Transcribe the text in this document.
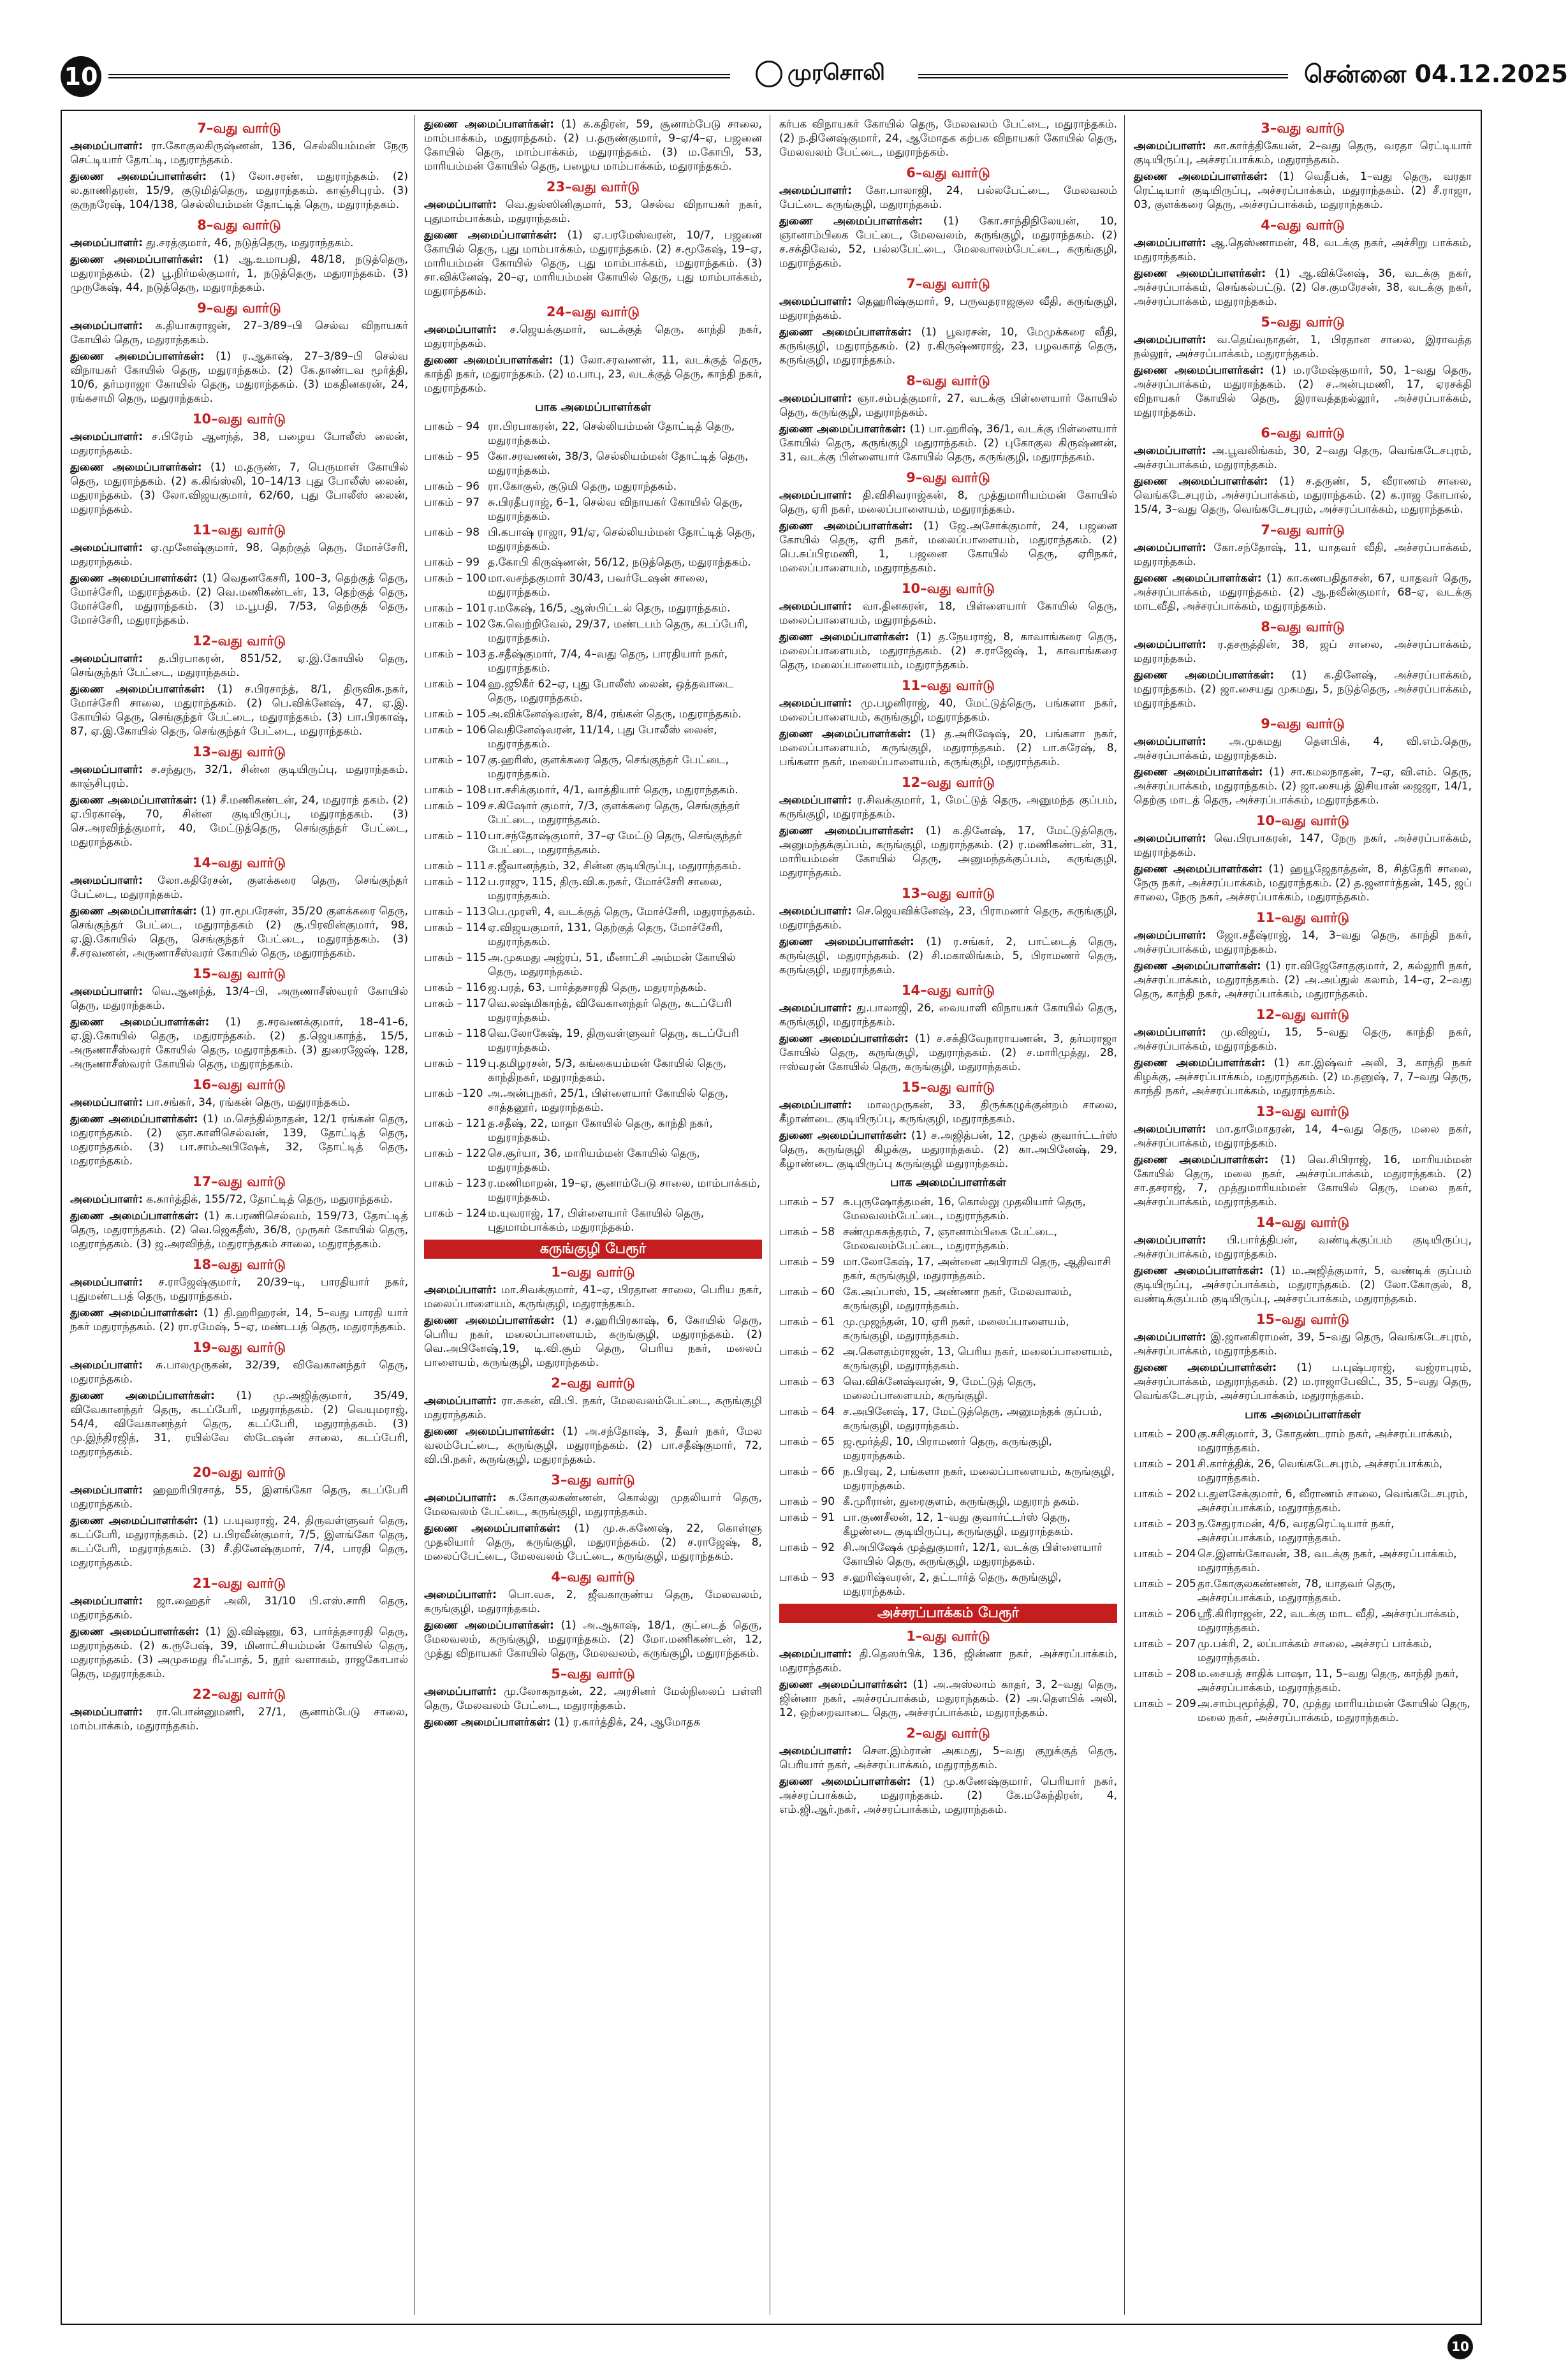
10	முரசொலி	சென்னை 04.12.2025
7–வது வார்டு
அமைப்பாளர்: ரா.கோகுலகிருஷ்ணன், 136, செல்லியம்மன் நேரு செட்டியார் தோட்டி, மதுராந்தகம்.
துணை அமைப்பாளர்கள்: (1) லோ.சரண், மதுராந்தகம். (2) ல.தாணிதரன், 15/9, குடுமித்தெரு, மதுராந்தகம். காஞ்சிபுரம். (3) குருநரேஷ், 104/138, செல்லியம்மன் தோட்டித் தெரு, மதுராந்தகம்.
8–வது வார்டு
அமைப்பாளர்: து.சரத்குமார், 46, நடுத்தெரு, மதுராந்தகம்.
துணை அமைப்பாளர்கள்: (1) ஆ.உமாபதி, 48/18, நடுத்தெரு, மதுராந்தகம். (2) பூ.நிர்மல்குமார், 1, நடுத்தெரு, மதுராந்தகம். (3) முருகேஷ், 44, நடுத்தெரு, மதுராந்தகம்.
9–வது வார்டு
அமைப்பாளர்: க.தியாகராஜன், 27–3/89–பி செல்வ விநாயகர் கோயில் தெரு, மதுராந்தகம்.
துணை அமைப்பாளர்கள்: (1) ர.ஆகாஷ், 27–3/89–பி செல்வ விநாயகர் கோயில் தெரு, மதுராந்தகம். (2) கே.தாண்டவ மூர்த்தி, 10/6, தர்மராஜா கோயில் தெரு, மதுராந்தகம். (3) மகதினகரன், 24, ரங்கசாமி தெரு, மதுராந்தகம்.
10–வது வார்டு
அமைப்பாளர்: ச.பிரேம் ஆனந்த், 38, பழைய போலீஸ் லைன், மதுராந்தகம்.
துணை அமைப்பாளர்கள்: (1) ம.தருண், 7, பெருமாள் கோயில் தெரு, மதுராந்தகம். (2) க.கிங்ஸ்லி, 10–14/13 புது போலீஸ் லைன், மதுராந்தகம். (3) லோ.விஜயகுமார், 62/60, புது போலீஸ் லைன், மதுராந்தகம்.
11–வது வார்டு
அமைப்பாளர்: ஏ.முனேஷ்குமார், 98, தெற்குத் தெரு, மோச்சேரி, மதுராந்தகம்.
துணை அமைப்பாளர்கள்: (1) வெதனகேசரி, 100–3, தெற்குத் தெரு, மோச்சேரி, மதுராந்தகம். (2) வெ.மணிகண்டன், 13, தெற்குத் தெரு, மோச்சேரி, மதுராந்தகம். (3) ம.பூபதி, 7/53, தெற்குத் தெரு, மோச்சேரி, மதுராந்தகம்.
12–வது வார்டு
அமைப்பாளர்: த.பிரபாகரன், 851/52, ஏ.இ.கோயில் தெரு, செங்குந்தர் பேட்டை, மதுராந்தகம்.
துணை அமைப்பாளர்கள்: (1) ச.பிரசாந்த், 8/1, திருவிக.நகர், மோச்சேரி சாலை, மதுராந்தகம். (2) பெ.விக்னேஷ், 47, ஏ.இ. கோயில் தெரு, செங்குந்தர் பேட்டை, மதுராந்தகம். (3) பா.பிரகாஷ், 87, ஏ.இ.கோயில் தெரு, செங்குந்தர் பேட்டை, மதுராந்தகம்.
13–வது வார்டு
அமைப்பாளர்: ச.சந்துரு, 32/1, சின்ன குடியிருப்பு, மதுராந்தகம். காஞ்சிபுரம்.
துணை அமைப்பாளர்கள்: (1) சீ.மணிகண்டன், 24, மதுராந் தகம். (2) ஏ.பிரகாஷ், 70, சின்ன குடியிருப்பு, மதுராந்தகம். (3) செ.அரவிந்த்குமார், 40, மேட்டுத்தெரு, செங்குந்தர் பேட்டை, மதுராந்தகம்.
14–வது வார்டு
அமைப்பாளர்: லோ.கதிரேசன், குளக்கரை தெரு, செங்குந்தர் பேட்டை, மதுராந்தகம்.
துணை அமைப்பாளர்கள்: (1) ரா.மூபரேசன், 35/20 குளக்கரை தெரு, செங்குந்தர் பேட்டை, மதுராந்தகம் (2) சூ.பிரவின்குமார், 98, ஏ.இ.கோயில் தெரு, செங்குந்தர் பேட்டை, மதுராந்தகம். (3) சீ.சரவணன், அருணாசீஸ்வரர் கோயில் தெரு, மதுராந்தகம்.
15–வது வார்டு
அமைப்பாளர்: வெ.ஆனந்த், 13/4–பி, அருணாசீஸ்வரர் கோயில் தெரு, மதுராந்தகம்.
துணை அமைப்பாளர்கள்: (1) த.சரவணக்குமார், 18–41–6, ஏ.இ.கோயில் தெரு, மதுராந்தகம். (2) த.ஜெயகாந்த், 15/5, அருணாசீஸ்வரர் கோயில் தெரு, மதுராந்தகம். (3) துரைஜேஷ், 128, அருணாசீஸ்வரர் கோயில் தெரு, மதுராந்தகம்.
16–வது வார்டு
அமைப்பாளர்: பா.சங்கர், 34, ரங்கன் தெரு, மதுராந்தகம்.
துணை அமைப்பாளர்கள்: (1) ம.செந்தில்நாதன், 12/1 ரங்கன் தெரு, மதுராந்தகம். (2) ஞா.காளிசெல்வன், 139, தோட்டித் தெரு, மதுராந்தகம். (3) பா.சாம்அபிஷேக், 32, தோட்டித் தெரு, மதுராந்தகம்.
17–வது வார்டு
அமைப்பாளர்: க.கார்த்திக், 155/72, தோட்டித் தெரு, மதுராந்தகம்.
துணை அமைப்பாளர்கள்: (1) க.பரணிசெல்வம், 159/73, தோட்டித் தெரு, மதுராந்தகம். (2) வெ.ஜெகதீஸ், 36/8, முருகர் கோயில் தெரு, மதுராந்தகம். (3) ஜ.அரவிந்த், மதுராந்தகம் சாலை, மதுராந்தகம்.
18–வது வார்டு
அமைப்பாளர்: ச.ராஜேஷ்குமார், 20/39–டி, பாரதியார் நகர், புதுமண்டபத் தெரு, மதுராந்தகம்.
துணை அமைப்பாளர்கள்: (1) தி.ஹரிஹரன், 14, 5–வது பாரதி யார் நகர் மதுராந்தகம். (2) ரா.ரமேஷ், 5–ஏ, மண்டபத் தெரு, மதுராந்தகம்.
19–வது வார்டு
அமைப்பாளர்: சு.பாலமுருகன், 32/39, விவேகானந்தர் தெரு, மதுராந்தகம்.
துணை அமைப்பாளர்கள்: (1) மு.அஜித்குமார், 35/49, விவேகானந்தர் தெரு, கடப்பேரி, மதுராந்தகம். (2) வெயுமராஜ், 54/4, விவேகானந்தர் தெரு, கடப்பேரி, மதுராந்தகம். (3) மு.இந்திரஜித், 31, ரயில்வே ஸ்டேஷன் சாலை, கடப்பேரி, மதுராந்தகம்.
20–வது வார்டு
அமைப்பாளர்: ஹஹரிபிரசாத், 55, இளங்கோ தெரு, கடப்பேரி மதுராந்தகம்.
துணை அமைப்பாளர்கள்: (1) ப.யுவராஜ், 24, திருவள்ளுவர் தெரு, கடப்பேரி, மதுராந்தகம். (2) ப.பிரவீன்குமார், 7/5, இளங்கோ தெரு, கடப்பேரி, மதுராந்தகம். (3) சீ.தினேஷ்குமார், 7/4, பாரதி தெரு, மதுராந்தகம்.
21–வது வார்டு
அமைப்பாளர்: ஜா.ஹைதர் அலி, 31/10 பி.எஸ்.சாரி தெரு, மதுராந்தகம்.
துணை அமைப்பாளர்கள்: (1) இ.விஷ்ணு, 63, பார்த்தசாரதி தெரு, மதுராந்தகம். (2) க.ரூபேஷ், 39, மினாட்சியம்மன் கோயில் தெரு, மதுராந்தகம். (3) அமுசுமது ரிஃபாத், 5, நூர் வளாகம், ராஜகோபால் தெரு, மதுராந்தகம்.
22–வது வார்டு
அமைப்பாளர்: ரா.பொன்னுமணி, 27/1, சூனாம்பேடு சாலை, மாம்பாக்கம், மதுராந்தகம்.
துணை அமைப்பாளர்கள்: (1) க.கதிரன், 59, சூனாம்பேடு சாலை, மாம்பாக்கம், மதுராந்தகம். (2) ப.தருண்குமார், 9–ஏ/4–ஏ, பஜனை கோயில் தெரு, மாம்பாக்கம், மதுராந்தகம். (3) ம.கோபி, 53, மாரியம்மன் கோயில் தெரு, பழைய மாம்பாக்கம், மதுராந்தகம்.
23–வது வார்டு
அமைப்பாளர்: வெ.துல்ஸினிகுமார், 53, செல்வ விநாயகர் நகர், புதுமாம்பாக்கம், மதுராந்தகம்.
துணை அமைப்பாளர்கள்: (1) ஏ.பரமேஸ்வரன், 10/7, பஜனை கோயில் தெரு, புது மாம்பாக்கம், மதுராந்தகம். (2) ச.மூகேஷ், 19–ஏ, மாரியம்மன் கோயில் தெரு, புது மாம்பாக்கம், மதுராந்தகம். (3) சா.விக்னேஷ், 20–ஏ, மாரியம்மன் கோயில் தெரு, புது மாம்பாக்கம், மதுராந்தகம்.
24–வது வார்டு
அமைப்பாளர்: ச.ஜெயக்குமார், வடக்குத் தெரு, காந்தி நகர், மதுராந்தகம்.
துணை அமைப்பாளர்கள்: (1) லோ.சரவணன், 11, வடக்குத் தெரு, காந்தி நகர், மதுராந்தகம். (2) ம.பாபு, 23, வடக்குத் தெரு, காந்தி நகர், மதுராந்தகம்.
பாக அமைப்பாளர்கள்
பாகம் – 94 ரா.பிரபாகரன், 22, செல்லியம்மன் தோட்டித் தெரு, மதுராந்தகம்.
பாகம் – 95 கோ.சரவணன், 38/3, செல்லியம்மன் தோட்டித் தெரு, மதுராந்தகம்.
பாகம் – 96 ரா.கோகுல், குடுமி தெரு, மதுராந்தகம்.
பாகம் – 97 சு.பிரதீபராஜ், 6–1, செல்வ விநாயகர் கோயில் தெரு, மதுராந்தகம்.
பாகம் – 98 பி.கபாஷ் ராஜா, 91/ஏ, செல்லியம்மன் தோட்டித் தெரு, மதுராந்தகம்.
பாகம் – 99 த.கோபி கிருஷ்ணன், 56/12, நடுத்தெரு, மதுராந்தகம்.
பாகம் – 100 மா.வசந்தகுமார் 30/43, பவர்டேஷன் சாலை, மதுராந்தகம்.
பாகம் – 101 ர.மகேஷ், 16/5, ஆஸ்பிட்டல் தெரு, மதுராந்தகம்.
பாகம் – 102 கே.வெற்றிவேல், 29/37, மண்டபம் தெரு, கடப்பேரி, மதுராந்தகம்.
பாகம் – 103 த.சதீஷ்குமார், 7/4, 4–வது தெரு, பாரதியார் நகர், மதுராந்தகம்.
பாகம் – 104 ஹ.ஜூகீர் 62–ஏ, புது போலீஸ் லைன், ஒத்தவாடை தெரு, மதுராந்தகம்.
பாகம் – 105 அ.விக்னேஷ்வரன், 8/4, ரங்கன் தெரு, மதுராந்தகம்.
பாகம் – 106 வெதினேஷ்வரன், 11/14, புது போலீஸ் லைன், மதுராந்தகம்.
பாகம் – 107 கு.ஹரிஸ், குளக்கரை தெரு, செங்குந்தர் பேட்டை, மதுராந்தகம்.
பாகம் – 108 பா.சசிக்குமார், 4/1, வாத்தியார் தெரு, மதுராந்தகம்.
பாகம் – 109 ச.கிஷோர் குமார், 7/3, குளக்கரை தெரு, செங்குந்தர் பேட்டை, மதுராந்தகம்.
பாகம் – 110 பா.சந்தோஷ்குமார், 37–ஏ மேட்டு தெரு, செங்குந்தர் பேட்டை, மதுராந்தகம்.
பாகம் – 111 ச.ஜீவானந்தம், 32, சின்ன குடியிருப்பு, மதுராந்தகம்.
பாகம் – 112 ப.ராஜு, 115, திரு.வி.க.நகர், மோச்சேரி சாலை, மதுராந்தகம்.
பாகம் – 113 பெ.முரளி, 4, வடக்குத் தெரு, மோச்சேரி, மதுராந்தகம்.
பாகம் – 114 ஏ.விஜயகுமார், 131, தெற்குத் தெரு, மோச்சேரி, மதுராந்தகம்.
பாகம் – 115 அ.முகமது அஜ்ரப், 51, மீனாட்சி அம்மன் கோயில் தெரு, மதுராந்தகம்.
பாகம் – 116 ஜ.பரத், 63, பார்த்தசாரதி தெரு, மதுராந்தகம்.
பாகம் – 117 வெ.லஷ்மிகாந்த், விவேகானந்தர் தெரு, கடப்பேரி மதுராந்தகம்.
பாகம் – 118 வெ.லோகேஷ், 19, திருவள்ளுவர் தெரு, கடப்பேரி மதுராந்தகம்.
பாகம் – 119 பு.தமிழரசன், 5/3, கங்கையம்மன் கோயில் தெரு, காந்திநகர், மதுராந்தகம்.
பாகம் –120 அ.அன்புநகர், 25/1, பிள்ளையார் கோயில் தெரு, சாத்தனூர், மதுராந்தகம்.
பாகம் – 121 த.சதீஷ், 22, மாதா கோயில் தெரு, காந்தி நகர், மதுராந்தகம்.
பாகம் – 122 செ.சூர்யா, 36, மாரியம்மன் கோயில் தெரு, மதுராந்தகம்.
பாகம் – 123 ர.மணிமாறன், 19–ஏ, சூனாம்பேடு சாலை, மாம்பாக்கம், மதுராந்தகம்.
பாகம் – 124 ம.யுவராஜ், 17, பிள்ளையார் கோயில் தெரு, புதுமாம்பாக்கம், மதுராந்தகம்.
கருங்குழி பேரூர்
1–வது வார்டு
அமைப்பாளர்: மா.சிவக்குமார், 41–ஏ, பிரதான சாலை, பெரிய நகர், மலைப்பாளையம், கருங்குழி, மதுராந்தகம்.
துணை அமைப்பாளர்கள்: (1) ச.ஹரிபிரகாஷ், 6, கோயில் தெரு, பெரிய நகர், மலைப்பாளையம், கருங்குழி, மதுராந்தகம். (2) வெ.அபினேஷ்,19, டி.வி.சூம் தெரு, பெரிய நகர், மலைப் பாளையம், கருங்குழி, மதுராந்தகம்.
2–வது வார்டு
அமைப்பாளர்: ரா.சுகன், வி.பி. நகர், மேலவலம்பேட்டை, கருங்குழி மதுராந்தகம்.
துணை அமைப்பாளர்கள்: (1) அ.சந்தோஷ், 3, தீவர் நகர், மேல வலம்பேட்டை, கருங்குழி, மதுராந்தகம். (2) பா.சதீஷ்குமார், 72, வி.பி.நகர், கருங்குழி, மதுராந்தகம்.
3–வது வார்டு
அமைப்பாளர்: சு.கோகுலகண்ணன், கொல்லு முதலியார் தெரு, மேலவலம் பேட்டை, கருங்குழி, மதுராந்தகம்.
துணை அமைப்பாளர்கள்: (1) மு.சு.கணேஷ், 22, கொள்ளு முதலியார் தெரு, கருங்குழி, மதுராந்தகம். (2) ச.ராஜேஷ், 8, மலைப்பேட்டை, மேலவலம் பேட்டை, கருங்குழி, மதுராந்தகம்.
4–வது வார்டு
அமைப்பாளர்: பொ.வசு, 2, ஜீவகாருண்ய தெரு, மேலவலம், கருங்குழி, மதுராந்தகம்.
துணை அமைப்பாளர்கள்: (1) அ.ஆகாஷ், 18/1, குட்டைத் தெரு, மேலவலம், கருங்குழி, மதுராந்தகம். (2) மோ.மணிகண்டன், 12, முத்து விநாயகர் கோயில் தெரு, மேலவலம், கருங்குழி, மதுராந்தகம்.
5–வது வார்டு
அமைப்பாளர்: மு.லோகநாதன், 22, அரசினர் மேல்நிலைப் பள்ளி தெரு, மேலவலம் பேட்டை, மதுராந்தகம்.
துணை அமைப்பாளர்கள்: (1) ர.கார்த்திக், 24, ஆமோதக
கர்பக விநாயகர் கோயில் தெரு, மேலவலம் பேட்டை, மதுராந்தகம். (2) ந.தினேஷ்குமார், 24, ஆமோதக கற்பக விநாயகர் கோயில் தெரு, மேலவலம் பேட்டை, மதுராந்தகம்.
6–வது வார்டு
அமைப்பாளர்: கோ.பாலாஜி, 24, பல்லபேட்டை, மேலவலம் பேட்டை கருங்குழி, மதுராந்தகம்.
துணை அமைப்பாளர்கள்: (1) கோ.சாந்திநிலேயன், 10, ஞானாம்பிகை பேட்டை, மேலவலம், கருங்குழி, மதுராந்தகம். (2) ச.சக்திவேல், 52, பல்லபேட்டை, மேலவாலம்பேட்டை, கருங்குழி, மதுராந்தகம்.
7–வது வார்டு
அமைப்பாளர்: தெஹரிஷ்குமார், 9, பருவதராஜகுல வீதி, கருங்குழி, மதுராந்தகம்.
துணை அமைப்பாளர்கள்: (1) பூவரசன், 10, மேமுக்கரை வீதி, கருங்குழி, மதுராந்தகம். (2) ர.கிருஷ்ணராஜ், 23, பழவகாத் தெரு, கருங்குழி, மதுராந்தகம்.
8–வது வார்டு
அமைப்பாளர்: ஞா.சம்பத்குமார், 27, வடக்கு பிள்ளையார் கோயில் தெரு, கருங்குழி, மதுராந்தகம்.
துணை அமைப்பாளர்கள்: (1) பா.ஹரிஷ், 36/1, வடக்கு பிள்ளையார் கோயில் தெரு, கருங்குழி மதுராந்தகம். (2) புகோகுல கிருஷ்ணன், 31, வடக்கு பிள்ளையார் கோயில் தெரு, கருங்குழி, மதுராந்தகம்.
9–வது வார்டு
அமைப்பாளர்: தி.விசிவராஜ்கன், 8, முத்துமாரியம்மன் கோயில் தெரு, ஏரி நகர், மலைப்பாளையம், மதுராந்தகம்.
துணை அமைப்பாளர்கள்: (1) ஜே.அசோக்குமார், 24, பஜனை கோயில் தெரு, ஏரி நகர், மலைப்பாளையம், மதுராந்தகம். (2) பெ.சுப்பிரமணி, 1, பஜனை கோயில் தெரு, ஏரிநகர், மலைப்பாளையம், மதுராந்தகம்.
10–வது வார்டு
அமைப்பாளர்: வா.தினகரன், 18, பிள்ளையார் கோயில் தெரு, மலைப்பாளையம், மதுராந்தகம்.
துணை அமைப்பாளர்கள்: (1) த.நேயராஜ், 8, காவாங்கரை தெரு, மலைப்பாளையம், மதுராந்தகம். (2) ச.ராஜேஷ், 1, காவாங்கரை தெரு, மலைப்பாளையம், மதுராந்தகம்.
11–வது வார்டு
அமைப்பாளர்: மு.பழனிராஜ், 40, மேட்டுத்தெரு, பங்களா நகர், மலைப்பாளையம், கருங்குழி, மதுராந்தகம்.
துணை அமைப்பாளர்கள்: (1) த.அரிஷேஷ், 20, பங்களா நகர், மலைப்பாளையம், கருங்குழி, மதுராந்தகம். (2) பா.சுரேஷ், 8, பங்களா நகர், மலைப்பாளையம், கருங்குழி, மதுராந்தகம்.
12–வது வார்டு
அமைப்பாளர்: ர.சிவக்குமார், 1, மேட்டுத் தெரு, அனுமந்த குப்பம், கருங்குழி, மதுராந்தகம்.
துணை அமைப்பாளர்கள்: (1) க.தினேஷ், 17, மேட்டுத்தெரு, அனுமந்தக்குப்பம், கருங்குழி, மதுராந்தகம். (2) ர.மணிகண்டன், 31, மாரியம்மன் கோயில் தெரு, அனுமந்தக்குப்பம், கருங்குழி, மதுராந்தகம்.
13–வது வார்டு
அமைப்பாளர்: செ.ஜெயவிக்னேஷ், 23, பிராமணர் தெரு, கருங்குழி, மதுராந்தகம்.
துணை அமைப்பாளர்கள்: (1) ர.சங்கர், 2, பாட்டைத் தெரு, கருங்குழி, மதுராந்தகம். (2) சி.மகாலிங்கம், 5, பிராமணர் தெரு, கருங்குழி, மதுராந்தகம்.
14–வது வார்டு
அமைப்பாளர்: து.பாலாஜி, 26, வையாளி விநாயகர் கோயில் தெரு, கருங்குழி, மதுராந்தகம்.
துணை அமைப்பாளர்கள்: (1) ச.சக்திவேநாராயணன், 3, தர்மராஜா கோயில் தெரு, கருங்குழி, மதுராந்தகம். (2) ச.மாரிமுத்து, 28, ஈஸ்வரன் கோயில் தெரு, கருங்குழி, மதுராந்தகம்.
15–வது வார்டு
அமைப்பாளர்: மாலமுருகன், 33, திருக்கழுக்குன்றம் சாலை, கீழாண்டை குடியிருப்பு, கருங்குழி, மதுராந்தகம்.
துணை அமைப்பாளர்கள்: (1) ச.அஜித்பன், 12, முதல் குவார்ட்டர்ஸ் தெரு, கருங்குழி கிழக்கு, மதுராந்தகம். (2) கா.அபினேஷ், 29, கீழாண்டை குடியிருப்பு கருங்குழி மதுராந்தகம்.
பாக அமைப்பாளர்கள்
பாகம் – 57 சு.புருஷோத்தமன், 16, கொல்லு முதலியார் தெரு, மேலவலம்பேட்டை, மதுராந்தகம்.
பாகம் – 58 சண்முகசுந்தரம், 7, ஞானாம்பிகை பேட்டை, மேலவலம்பேட்டை, மதுராந்தகம்.
பாகம் – 59 மா.லோகேஷ், 17, அன்னை அபிராமி தெரு, ஆதிவாசி நகர், கருங்குழி, மதுராந்தகம்.
பாகம் – 60 கே.அப்பாஸ், 15, அண்ணா நகர், மேலவாலம், கருங்குழி, மதுராந்தகம்.
பாகம் – 61 மு.முஜந்தன், 10, ஏரி நகர், மலைப்பாளையம், கருங்குழி, மதுராந்தகம்.
பாகம் – 62 அ.கௌதம்ராஜன், 13, பெரிய நகர், மலைப்பாளையம், கருங்குழி, மதுராந்தகம்.
பாகம் – 63 வெ.விக்னேஷ்வரன், 9, மேட்டுத் தெரு, மலைப்பாளையம், கருங்குழி.
பாகம் – 64 ச.அபினேஷ், 17, மேட்டுத்தெரு, அனுமந்தக் குப்பம், கருங்குழி, மதுராந்தகம்.
பாகம் – 65 ஜ.மூர்த்தி, 10, பிராமணர் தெரு, கருங்குழி, மதுராந்தகம்.
பாகம் – 66 ந.பிரவு, 2, பங்களா நகர், மலைப்பாளையம், கருங்குழி, மதுராந்தகம்.
பாகம் – 90 கீ.முரீரான், துரைகுளம், கருங்குழி, மதுராந் தகம்.
பாகம் – 91 பா.குணசீலன், 12, 1–வது குவார்ட்டர்ஸ் தெரு, கீழண்டை குடியிருப்பு, கருங்குழி, மதுராந்தகம்.
பாகம் – 92 சி.அபிஷேக் முத்துகுமார், 12/1, வடக்கு பிள்ளையார் கோயில் தெரு, கருங்குழி, மதுராந்தகம்.
பாகம் – 93 ச.ஹரிஷ்வரன், 2, தட்டார்த் தெரு, கருங்குழி, மதுராந்தகம்.
அச்சரப்பாக்கம் பேரூர்
1–வது வார்டு
அமைப்பாளர்: தி.தெஸர்பிக், 136, ஜின்னா நகர், அச்சரப்பாக்கம், மதுராந்தகம்.
துணை அமைப்பாளர்கள்: (1) அ.அஸ்லாம் காதர், 3, 2–வது தெரு, ஜின்னா நகர், அச்சரப்பாக்கம், மதுராந்தகம். (2) அ.தெளபிக் அலி, 12, ஒற்றைவாடை தெரு, அச்சரப்பாக்கம், மதுராந்தகம்.
2–வது வார்டு
அமைப்பாளர்: சௌ.இம்ரான் அகமது, 5–வது குறுக்குத் தெரு, பெரியார் நகர், அச்சரப்பாக்கம், மதுராந்தகம்.
துணை அமைப்பாளர்கள்: (1) மு.கணேஷ்குமார், பெரியார் நகர், அச்சரப்பாக்கம், மதுராந்தகம். (2) கே.மகேந்திரன், 4, எம்.ஜி.ஆர்.நகர், அச்சரப்பாக்கம், மதுராந்தகம்.
3–வது வார்டு
அமைப்பாளர்: கா.கார்த்திகேயன், 2–வது தெரு, வரதா ரெட்டியார் குடியிருப்பு, அச்சரப்பாக்கம், மதுராந்தகம்.
துணை அமைப்பாளர்கள்: (1) வெதீபக், 1–வது தெரு, வரதா ரெட்டியார் குடியிருப்பு, அச்சரப்பாக்கம், மதுராந்தகம். (2) சீ.ராஜா, 03, குளக்கரை தெரு, அச்சரப்பாக்கம், மதுராந்தகம்.
4–வது வார்டு
அமைப்பாளர்: ஆ.தெஸ்ணாமன், 48, வடக்கு நகர், அச்சிறு பாக்கம், மதுராந்தகம்.
துணை அமைப்பாளர்கள்: (1) ஆ.விக்னேஷ், 36, வடக்கு நகர், அச்சரப்பாக்கம், செங்கல்பட்டு. (2) செ.குமரேசன், 38, வடக்கு நகர், அச்சரப்பாக்கம், மதுராந்தகம்.
5–வது வார்டு
அமைப்பாளர்: வ.தெய்வநாதன், 1, பிரதான சாலை, இராவத்த நல்லூர், அச்சரப்பாக்கம், மதுராந்தகம்.
துணை அமைப்பாளர்கள்: (1) ம.ரமேஷ்குமார், 50, 1–வது தெரு, அச்சரப்பாக்கம், மதுராந்தகம். (2) ச.அன்புமணி, 17, ஏரசக்தி விநாயகர் கோயில் தெரு, இராவத்தநல்லூர், அச்சரப்பாக்கம், மதுராந்தகம்.
6–வது வார்டு
அமைப்பாளர்: அ.பூவலிங்கம், 30, 2–வது தெரு, வெங்கடேசபுரம், அச்சரப்பாக்கம், மதுராந்தகம்.
துணை அமைப்பாளர்கள்: (1) ச.தருண், 5, வீராணம் சாலை, வெங்கடேசபுரம், அச்சரப்பாக்கம், மதுராந்தகம். (2) க.ராஜ கோபால், 15/4, 3–வது தெரு, வெங்கடேசபுரம், அச்சரப்பாக்கம், மதுராந்தகம்.
7–வது வார்டு
அமைப்பாளர்: கோ.சந்தோஷ், 11, யாதவர் வீதி, அச்சரப்பாக்கம், மதுராந்தகம்.
துணை அமைப்பாளர்கள்: (1) கா.கணபதிதாசன், 67, யாதவர் தெரு, அச்சரப்பாக்கம், மதுராந்தகம். (2) ஆ.நவீன்குமார், 68–ஏ, வடக்கு மாடவீதி, அச்சரப்பாக்கம், மதுராந்தகம்.
8–வது வார்டு
அமைப்பாளர்: ர.தசரூத்தின், 38, ஜப் சாலை, அச்சரப்பாக்கம், மதுராந்தகம்.
துணை அமைப்பாளர்கள்: (1) க.தினேஷ், அச்சரப்பாக்கம், மதுராந்தகம். (2) ஜா.சையது முகமது, 5, நடுத்தெரு, அச்சரப்பாக்கம், மதுராந்தகம்.
9–வது வார்டு
அமைப்பாளர்: அ.முகமது தௌபிக், 4, வி.எம்.தெரு, அச்சரப்பாக்கம், மதுராந்தகம்.
துணை அமைப்பாளர்கள்: (1) சா.கமலநாதன், 7–ஏ, வி.எம். தெரு, அச்சரப்பாக்கம், மதுராந்தகம். (2) ஜா.சையத் இசியான் ஜைஜா, 14/1, தெற்கு மாடத் தெரு, அச்சரப்பாக்கம், மதுராந்தகம்.
10–வது வார்டு
அமைப்பாளர்: வெ.பிரபாகரன், 147, நேரு நகர், அச்சரப்பாக்கம், மதுராந்தகம்.
துணை அமைப்பாளர்கள்: (1) ஹயூஜேதாத்தன், 8, சித்தேரி சாலை, நேரு நகர், அச்சரப்பாக்கம், மதுராந்தகம். (2) த.ஜனார்த்தன், 145, ஜப் சாலை, நேரு நகர், அச்சரப்பாக்கம், மதுராந்தகம்.
11–வது வார்டு
அமைப்பாளர்: ஜோ.சதீஷ்ராஜ், 14, 3–வது தெரு, காந்தி நகர், அச்சரப்பாக்கம், மதுராந்தகம்.
துணை அமைப்பாளர்கள்: (1) ரா.விஜேசோதகுமார், 2, கல்லூரி நகர், அச்சரப்பாக்கம், மதுராந்தகம். (2) அ.அப்துல் கலாம், 14–ஏ, 2–வது தெரு, காந்தி நகர், அச்சரப்பாக்கம், மதுராந்தகம்.
12–வது வார்டு
அமைப்பாளர்: மு.விஜய், 15, 5–வது தெரு, காந்தி நகர், அச்சரப்பாக்கம், மதுராந்தகம்.
துணை அமைப்பாளர்கள்: (1) கா.இஷ்வர் அலி, 3, காந்தி நகர் கிழக்கு, அச்சரப்பாக்கம், மதுராந்தகம். (2) ம.தனுஷ், 7, 7–வது தெரு, காந்தி நகர், அச்சரப்பாக்கம், மதுராந்தகம்.
13–வது வார்டு
அமைப்பாளர்: மா.தாமோதரன், 14, 4–வது தெரு, மலை நகர், அச்சரப்பாக்கம், மதுராந்தகம்.
துணை அமைப்பாளர்கள்: (1) வெ.சிபிராஜ், 16, மாரியம்மன் கோயில் தெரு, மலை நகர், அச்சரப்பாக்கம், மதுராந்தகம். (2) சா.தசராஜ், 7, முத்துமாரியம்மன் கோயில் தெரு, மலை நகர், அச்சரப்பாக்கம், மதுராந்தகம்.
14–வது வார்டு
அமைப்பாளர்: பி.பார்த்திபன், வண்டிக்குப்பம் குடியிருப்பு, அச்சரப்பாக்கம், மதுராந்தகம்.
துணை அமைப்பாளர்கள்: (1) ம.அஜித்குமார், 5, வண்டிக் குப்பம் குடியிருப்பு, அச்சரப்பாக்கம், மதுராந்தகம். (2) லோ.கோகுல், 8, வண்டிக்குப்பம் குடியிருப்பு, அச்சரப்பாக்கம், மதுராந்தகம்.
15–வது வார்டு
அமைப்பாளர்: இ.ஜானகிராமன், 39, 5–வது தெரு, வெங்கடேசபுரம், அச்சரப்பாக்கம், மதுராந்தகம்.
துணை அமைப்பாளர்கள்: (1) ப.புஷ்பராஜ், வஜ்ராபுரம், அச்சரப்பாக்கம், மதுராந்தகம். (2) ம.ராஜாபேவிட், 35, 5–வது தெரு, வெங்கடேசபுரம், அச்சரப்பாக்கம், மதுராந்தகம்.
பாக அமைப்பாளர்கள்
பாகம் – 200 கு.சசிகுமார், 3, கோதண்டராம் நகர், அச்சரப்பாக்கம், மதுராந்தகம்.
பாகம் – 201 சி.கார்த்திக், 26, வெங்கடேசபுரம், அச்சரப்பாக்கம், மதுராந்தகம்.
பாகம் – 202 ப.துளசேக்குமார், 6, வீராணம் சாலை, வெங்கடேசபுரம், அச்சரப்பாக்கம், மதுராந்தகம்.
பாகம் – 203 ந.சேதுராமன், 4/6, வரதரெட்டியார் நகர், அச்சரப்பாக்கம், மதுராந்தகம்.
பாகம் – 204 செ.இளங்கோவன், 38, வடக்கு நகர், அச்சரப்பாக்கம், மதுராந்தகம்.
பாகம் – 205 தா.கோகுலகண்ணன், 78, யாதவர் தெரு, அச்சரப்பாக்கம், மதுராந்தகம்.
பாகம் – 206 ஸ்ரீ.கிரிராஜன், 22, வடக்கு மாட வீதி, அச்சரப்பாக்கம், மதுராந்தகம்.
பாகம் – 207 மு.பக்ரி, 2, லப்பாக்கம் சாலை, அச்சரப் பாக்கம், மதுராந்தகம்.
பாகம் – 208 ம.சையத் சாதிக் பாஷா, 11, 5–வது தெரு, காந்தி நகர், அச்சரப்பாக்கம், மதுராந்தகம்.
பாகம் – 209 அ.சாம்புமூர்த்தி, 70, முத்து மாரியம்மன் கோயில் தெரு, மலை நகர், அச்சரப்பாக்கம், மதுராந்தகம்.
10
